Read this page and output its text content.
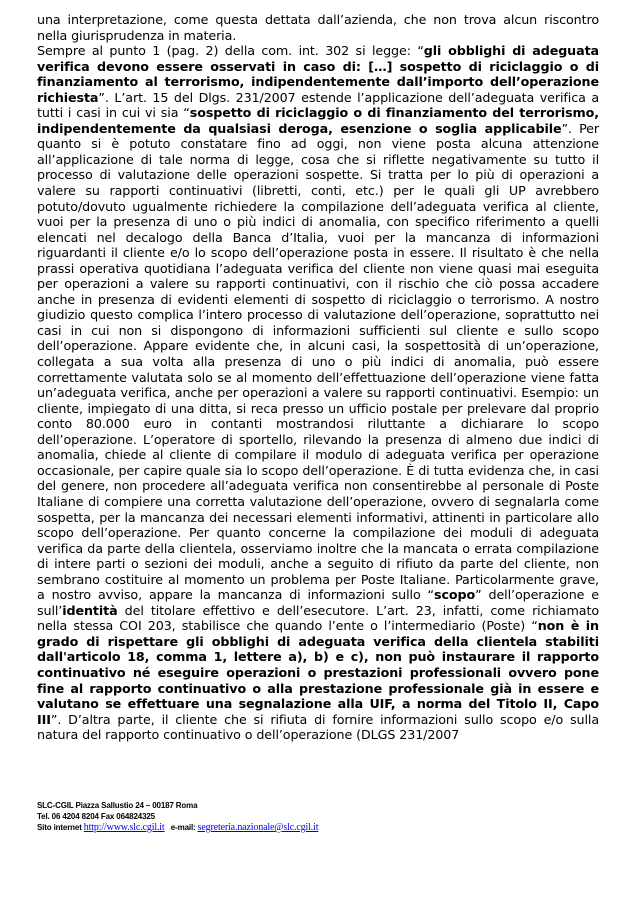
una interpretazione, come questa dettata dall’azienda, che non trova alcun riscontro nella giurisprudenza in materia.

Sempre al punto 1 (pag. 2) della com. int. 302 si legge: “gli obblighi di adeguata verifica devono essere osservati in caso di: […] sospetto di riciclaggio o di finanziamento al terrorismo, indipendentemente dall’importo dell’operazione richiesta”. L’art. 15 del Dlgs. 231/2007 estende l’applicazione dell’adeguata verifica a tutti i casi in cui vi sia “sospetto di riciclaggio o di finanziamento del terrorismo, indipendentemente da qualsiasi deroga, esenzione o soglia applicabile”. Per quanto si è potuto constatare fino ad oggi, non viene posta alcuna attenzione all’applicazione di tale norma di legge, cosa che si riflette negativamente su tutto il processo di valutazione delle operazioni sospette. Si tratta per lo più di operazioni a valere su rapporti continuativi (libretti, conti, etc.) per le quali gli UP avrebbero potuto/dovuto ugualmente richiedere la compilazione dell’adeguata verifica al cliente, vuoi per la presenza di uno o più indici di anomalia, con specifico riferimento a quelli elencati nel decalogo della Banca d’Italia, vuoi per la mancanza di informazioni riguardanti il cliente e/o lo scopo dell’operazione posta in essere. Il risultato è che nella prassi operativa quotidiana l’adeguata verifica del cliente non viene quasi mai eseguita per operazioni a valere su rapporti continuativi, con il rischio che ciò possa accadere anche in presenza di evidenti elementi di sospetto di riciclaggio o terrorismo. A nostro giudizio questo complica l’intero processo di valutazione dell’operazione, soprattutto nei casi in cui non si dispongono di informazioni sufficienti sul cliente e sullo scopo dell’operazione. Appare evidente che, in alcuni casi, la sospettosità di un’operazione, collegata a sua volta alla presenza di uno o più indici di anomalia, può essere correttamente valutata solo se al momento dell’effettuazione dell’operazione viene fatta un’adeguata verifica, anche per operazioni a valere su rapporti continuativi. Esempio: un cliente, impiegato di una ditta, si reca presso un ufficio postale per prelevare dal proprio conto 80.000 euro in contanti mostrandosi riluttante a dichiarare lo scopo dell’operazione. L’operatore di sportello, rilevando la presenza di almeno due indici di anomalia, chiede al cliente di compilare il modulo di adeguata verifica per operazione occasionale, per capire quale sia lo scopo dell’operazione. È di tutta evidenza che, in casi del genere, non procedere all’adeguata verifica non consentirebbe al personale di Poste Italiane di compiere una corretta valutazione dell’operazione, ovvero di segnalarla come sospetta, per la mancanza dei necessari elementi informativi, attinenti in particolare allo scopo dell’operazione. Per quanto concerne la compilazione dei moduli di adeguata verifica da parte della clientela, osserviamo inoltre che la mancata o errata compilazione di intere parti o sezioni dei moduli, anche a seguito di rifiuto da parte del cliente, non sembrano costituire al momento un problema per Poste Italiane. Particolarmente grave, a nostro avviso, appare la mancanza di informazioni sullo “scopo” dell’operazione e sull’identità del titolare effettivo e dell’esecutore. L’art. 23, infatti, come richiamato nella stessa COI 203, stabilisce che quando l’ente o l’intermediario (Poste) “non è in grado di rispettare gli obblighi di adeguata verifica della clientela stabiliti dall'articolo 18, comma 1, lettere a), b) e c), non può instaurare il rapporto continuativo né eseguire operazioni o prestazioni professionali ovvero pone fine al rapporto continuativo o alla prestazione professionale già in essere e valutano se effettuare una segnalazione alla UIF, a norma del Titolo II, Capo III”. D’altra parte, il cliente che si rifiuta di fornire informazioni sullo scopo e/o sulla natura del rapporto continuativo o dell’operazione (DLGS 231/2007

SLC-CGIL Piazza Sallustio 24 – 00187 Roma
Tel. 06 4204 8204 Fax 064824325
Sito internet http://www.slc.cgil.it   e-mail: segreteria.nazionale@slc.cgil.it
